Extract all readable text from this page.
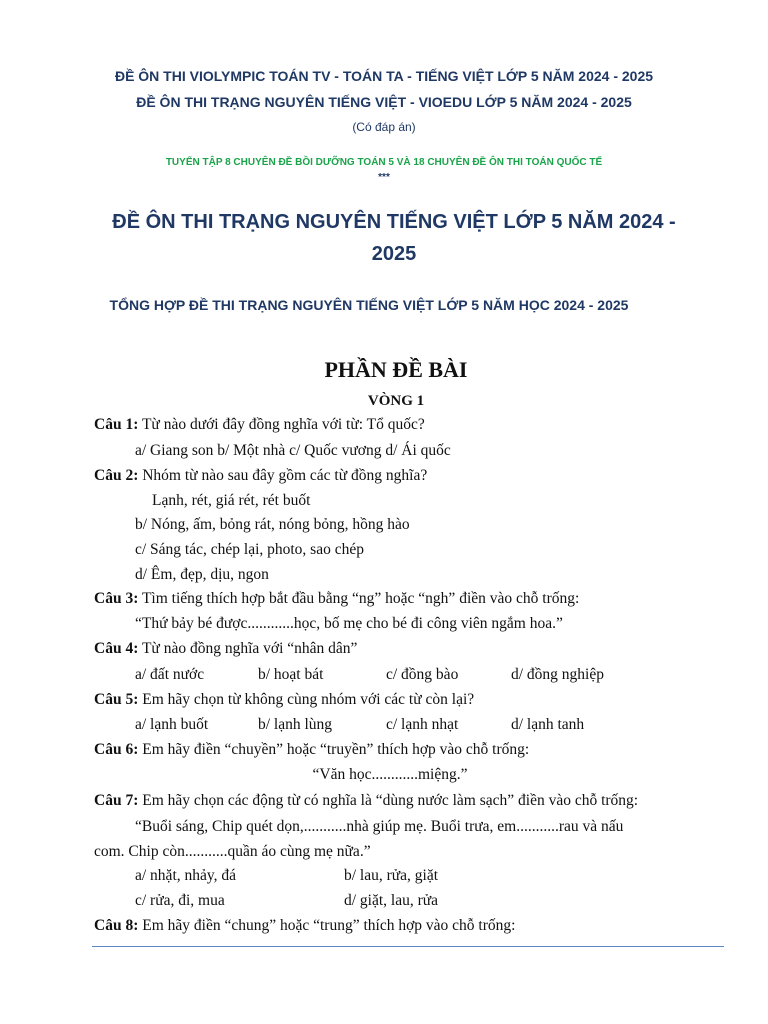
ĐỀ ÔN THI VIOLYMPIC TOÁN TV - TOÁN TA - TIẾNG VIỆT LỚP 5 NĂM 2024 - 2025
ĐỀ ÔN THI TRẠNG NGUYÊN TIẾNG VIỆT - VIOEDU LỚP 5 NĂM 2024 - 2025
(Có đáp án)
TUYỂN TẬP 8 CHUYÊN ĐỀ BỒI DƯỠNG TOÁN 5 VÀ 18 CHUYÊN ĐỀ ÔN THI TOÁN QUỐC TẾ
***
ĐỀ ÔN THI TRẠNG NGUYÊN TIẾNG VIỆT LỚP 5 NĂM 2024 - 2025
TỔNG HỢP ĐỀ THI TRẠNG NGUYÊN TIẾNG VIỆT LỚP 5 NĂM HỌC 2024 - 2025
PHẦN ĐỀ BÀI
VÒNG 1
Câu 1: Từ nào dưới đây đồng nghĩa với từ: Tổ quốc?
a/ Giang son b/ Một nhà c/ Quốc vương d/ Ái quốc
Câu 2: Nhóm từ nào sau đây gồm các từ đồng nghĩa?
Lạnh, rét, giá rét, rét buốt
b/ Nóng, ấm, bỏng rát, nóng bỏng, hồng hào
c/ Sáng tác, chép lại, photo, sao chép
d/ Êm, đẹp, dịu, ngon
Câu 3: Tìm tiếng thích hợp bắt đầu bằng “ng” hoặc “ngh” điền vào chỗ trống:
“Thứ bảy bé được............học, bố mẹ cho bé đi công viên ngắm hoa.”
Câu 4: Từ nào đồng nghĩa với “nhân dân”
a/ đất nước	b/ hoạt bát	c/ đồng bào	d/ đồng nghiệp
Câu 5: Em hãy chọn từ không cùng nhóm với các từ còn lại?
a/ lạnh buốt	b/ lạnh lùng	c/ lạnh nhạt	d/ lạnh tanh
Câu 6: Em hãy điền “chuyền” hoặc “truyền” thích hợp vào chỗ trống:
“Văn học............miệng.”
Câu 7: Em hãy chọn các động từ có nghĩa là “dùng nước làm sạch” điền vào chỗ trống:
“Buổi sáng, Chip quét dọn,...........nhà giúp mẹ. Buổi trưa, em...........rau và nấu
com. Chip còn...........quần áo cùng mẹ nữa.”
a/ nhặt, nhảy, đá	b/ lau, rửa, giặt
c/ rửa, đi, mua	d/ giặt, lau, rửa
Câu 8: Em hãy điền “chung” hoặc “trung” thích hợp vào chỗ trống:
